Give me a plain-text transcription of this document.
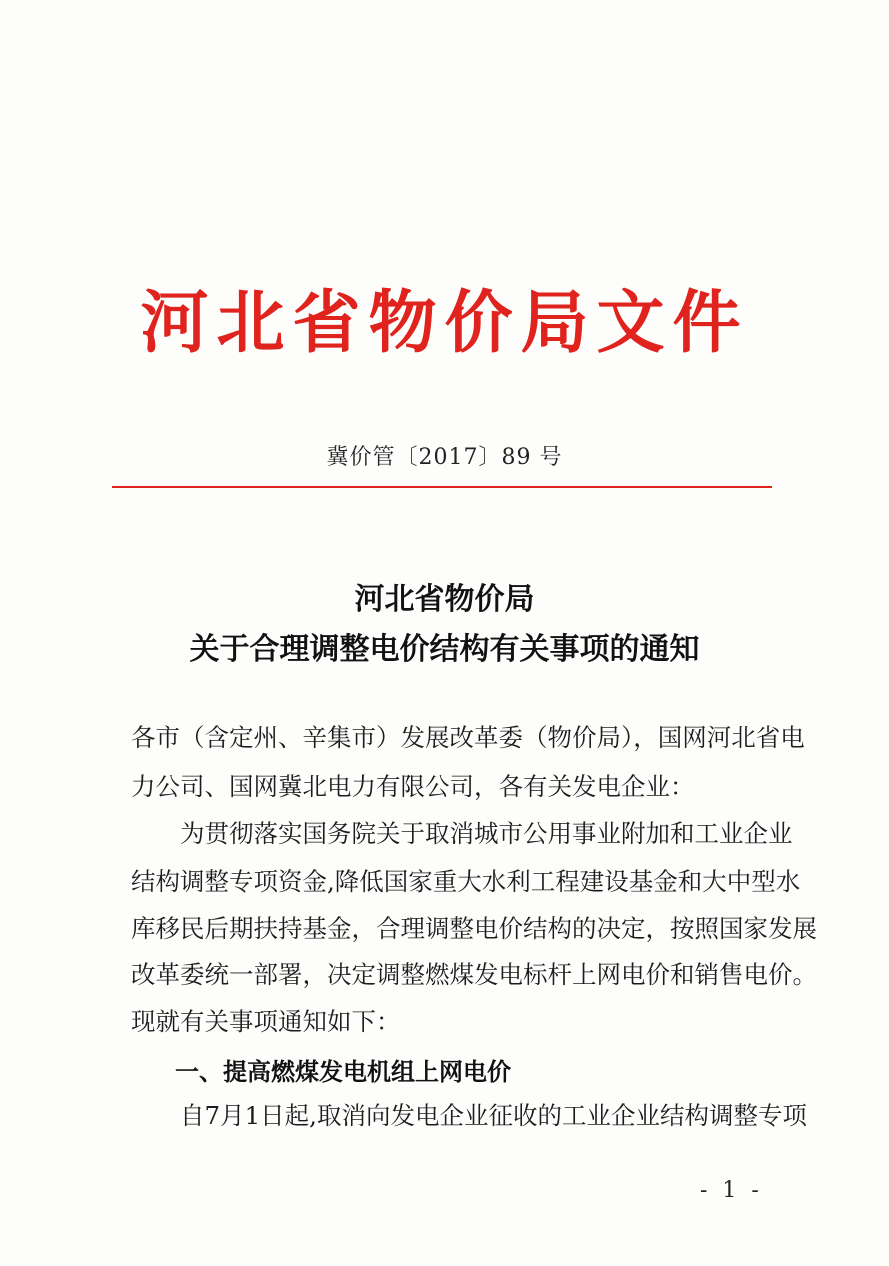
河北省物价局文件
冀价管〔2017〕89 号
河北省物价局
关于合理调整电价结构有关事项的通知
各市（含定州、辛集市）发展改革委（物价局），国网河北省电
力公司、国网冀北电力有限公司，各有关发电企业：
　　为贯彻落实国务院关于取消城市公用事业附加和工业企业
结构调整专项资金,降低国家重大水利工程建设基金和大中型水
库移民后期扶持基金，合理调整电价结构的决定，按照国家发展
改革委统一部署，决定调整燃煤发电标杆上网电价和销售电价。
现就有关事项通知如下：
一、提高燃煤发电机组上网电价
　　自7月1日起,取消向发电企业征收的工业企业结构调整专项
- 1 -
